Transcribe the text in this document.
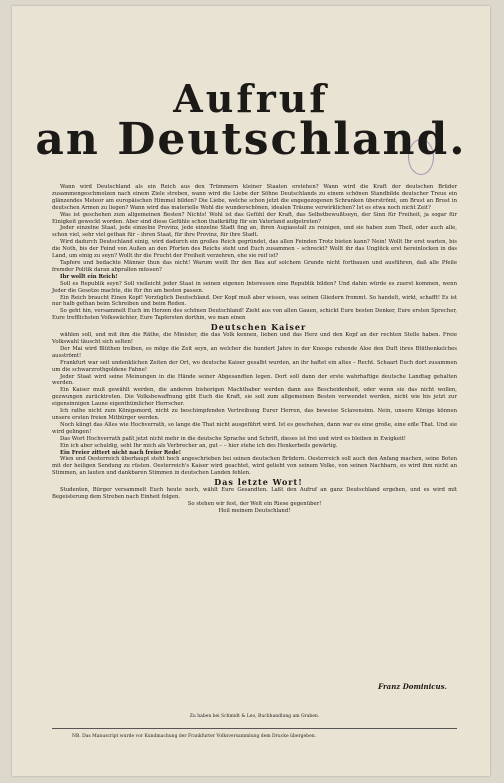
Aufruf
an Deutschland.

Wann wird Deutschland als ein Reich aus den Trümmern kleiner Staaten erstehen? Wann wird die Kraft der deutschen Brüder zusammengeschmolzen nach einem Ziele streben, wann wird die Liebe der Söhne Deutschlands zu einem schönen Standbilde deutscher Treue ein glänzendes Meteor am europäischen Himmel bilden? Die Liebe, welche schon jetzt die engegezogenen Schranken überströmt, um Brust an Brust in deutschen Armen zu liegen? Wann wird das materielle Wohl die wunderschönen, idealen Träume verwirklichen? Ist es etwa noch nicht Zeit?

Was ist geschehen zum allgemeinen Besten? Nichts! Wohl ist das Gefühl der Kraft, das Selbstbewußtseyn, der Sinn für Freiheit, ja sogar für Einigkeit geweckt worden. Aber sind diese Gefühle schon thatkräftig für ein Vaterland aufgetreten?

Jeder einzelne Staat, jede einzelne Provinz, jede einzelne Stadt fing an, ihren Augiasstall zu reinigen, und sie haben zum Theil, oder auch alle, schon viel, sehr viel gethan für – ihren Staat, für ihre Provinz, für ihre Stadt.

Wird dadurch Deutschland einig, wird dadurch ein großes Reich gegründet, das allen Feinden Trotz bieten kann? Nein! Wollt Ihr erst warten, bis die Noth, bis der Feind von Außen an den Pforten des Reichs steht und Euch zusammen – schreckt? Wollt ihr das Unglück erst hereinlocken in das Land, um einig zu seyn? Wollt ihr die Frucht der Freiheit verzehren, ehe sie reif ist?

Tapfere und bedachte Männer thun das nicht! Warum weilt Ihr den Bau auf solchem Grunde nicht fortbauen und ausführen, daß alle Pfeile fremder Politik daran abprallen müssen?

Ihr wollt ein Reich!

Soll es Republik seyn? Soll vielleicht jeder Staat in seinen eigenen Interessen eine Republik bilden? Und dahin würde es zuerst kommen, wenn Jeder die Gesetze machte, die für ihn am besten passen.

Ein Reich braucht Einen Kopf! Vorzüglich Deutschland. Der Kopf muß aber wissen, was seinen Gliedern frommt. So handelt, wirkt, schafft! Es ist nur halb gethan beim Schreiben und beim Reden.

So geht hin, versammelt Euch im Herzen des schönen Deutschland! Zieht aus von allen Gauen, schickt Eure besten Denker, Eure ersten Sprecher, Eure trefflichsten Volkswächter, Eure Tapfersten dorthin, wo man einen

Deutschen Kaiser

wählen soll, und mit ihm die Räthe, die Minister, die das Volk kennen, lieben und das Herz und den Kopf an der rechten Stelle haben. Freie Volkswahl täuscht sich selten!

Der Mai wird Blüthen treiben, es möge die Zeit seyn, an welcher die hundert Jahre in der Knospe ruhende Aloe den Duft ihres Blüthenkelches ausströmt!

Frankfurt war seit undenklichen Zeiten der Ort, wo deutsche Kaiser gesalbt wurden, an ihr haftet ein altes – Recht. Schaart Euch dort zusammen um die schwarzrothgoldene Fahne!

Jeder Staat wird seine Meinungen in die Hände seiner Abgesandten legen. Dort soll dann der erste wahrhaftige deutsche Landtag gehalten werden.

Ein Kaiser muß gewählt werden, die anderen bisherigen Machthaber werden dann aus Bescheidenheit, oder wenn sie das nicht wollen, gezwungen zurücktreten. Die Volksbewaffnung gibt Euch die Kraft, sie soll zum allgemeinen Besten verwendet werden, nicht wie bis jetzt zur eigensinnigen Laune eigenthümlicher Herrscher.

Ich rathe nicht zum Königsmord, nicht zu beschimpfenden Vertreibung Eurer Herren, das beweise Sclavensinn. Nein, unsere Könige können unsere ersten freien Mitbürger werden.

Noch klingt das Alles wie Hochverrath, so lange die That nicht ausgeführt wird. Ist es geschehen, dann war es eine große, eine edle That. Und sie wird gelingen!

Das Wort Hochverrath paßt jetzt nicht mehr in die deutsche Sprache und Schrift, dieses ist frei und wird es bleiben in Ewigkeit!

Ein ich aber schuldig, seht Ihr mich als Verbrecher an, gut – – hier stehe ich des Henkerbeils gewärtig.

Ein Freier zittert nicht nach freier Rede!

Wien und Oesterreich überhaupt steht hoch angeschrieben bei seinen deutschen Brüdern. Oesterreich soll auch den Anfang machen, seine Boten mit der heiligen Sendung zu rüsten. Oesterreich's Kaiser wird geachtet, wird geliebt von seinem Volke, von seinen Nachbarn, es wird ihm nicht an Stimmen, an lauten und dankbaren Stimmen in deutschen Landen fehlen.

Das letzte Wort!

Studenten, Bürger versammelt Euch heute noch, wählt Eure Gesandten. Laßt den Aufruf an ganz Deutschland ergehen, und es wird mit Begeisterung dem Streben nach Einheit folgen.

So stehen wir fest, der Welt ein Riese gegenüber!

Heil meinem Deutschland!

Franz Dominicus.
Zu haben bei Schmidt & Leo, Buchhandlung am Graben.
NB. Das Manuscript wurde vor Kundmachung der Frankfurter Volksversammlung dem Drucke übergeben.
